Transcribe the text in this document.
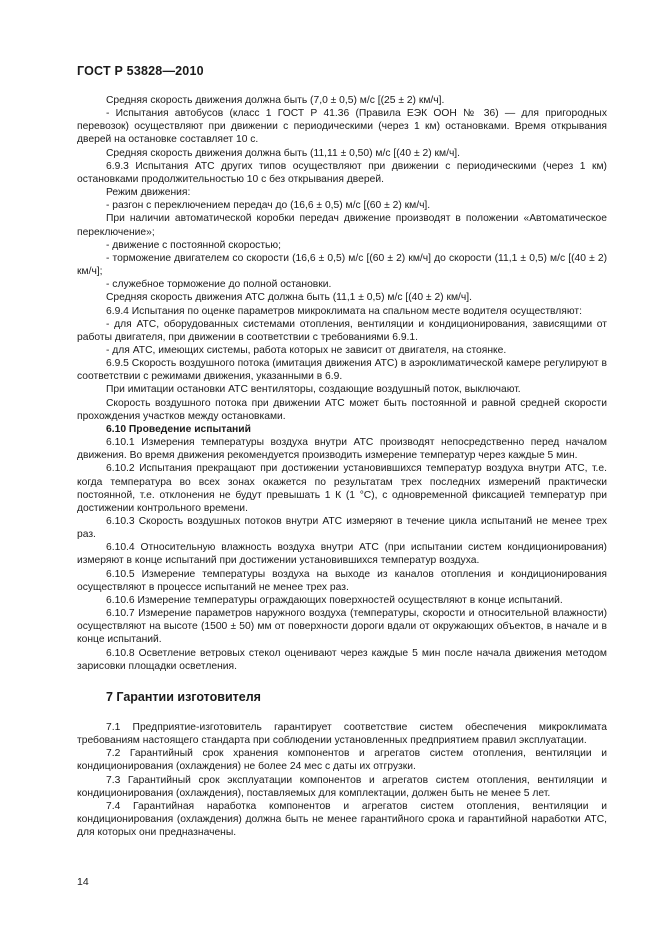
ГОСТ Р 53828—2010

Средняя скорость движения должна быть (7,0 ± 0,5) м/с [(25 ± 2) км/ч].

- Испытания автобусов (класс 1 ГОСТ Р 41.36 (Правила ЕЭК ООН № 36) — для пригородных перевозок) осуществляют при движении с периодическими (через 1 км) остановками. Время открывания дверей на остановке составляет 10 с.

Средняя скорость движения должна быть (11,11 ± 0,50) м/с [(40 ± 2) км/ч].

6.9.3 Испытания АТС других типов осуществляют при движении с периодическими (через 1 км) остановками продолжительностью 10 с без открывания дверей.

Режим движения:

- разгон с переключением передач до (16,6 ± 0,5) м/с [(60 ± 2) км/ч].

При наличии автоматической коробки передач движение производят в положении «Автоматическое переключение»;

- движение с постоянной скоростью;

- торможение двигателем со скорости (16,6 ± 0,5) м/с [(60 ± 2) км/ч] до скорости (11,1 ± 0,5) м/с [(40 ± 2) км/ч];

- служебное торможение до полной остановки.

Средняя скорость движения АТС должна быть (11,1 ± 0,5) м/с [(40 ± 2) км/ч].

6.9.4 Испытания по оценке параметров микроклимата на спальном месте водителя осуществляют:

- для АТС, оборудованных системами отопления, вентиляции и кондиционирования, зависящими от работы двигателя, при движении в соответствии с требованиями 6.9.1.

- для АТС, имеющих системы, работа которых не зависит от двигателя, на стоянке.

6.9.5 Скорость воздушного потока (имитация движения АТС) в аэроклиматической камере регулируют в соответствии с режимами движения, указанными в 6.9.

При имитации остановки АТС вентиляторы, создающие воздушный поток, выключают.

Скорость воздушного потока при движении АТС может быть постоянной и равной средней скорости прохождения участков между остановками.

6.10 Проведение испытаний

6.10.1 Измерения температуры воздуха внутри АТС производят непосредственно перед началом движения. Во время движения рекомендуется производить измерение температур через каждые 5 мин.

6.10.2 Испытания прекращают при достижении установившихся температур воздуха внутри АТС, т.е. когда температура во всех зонах окажется по результатам трех последних измерений практически постоянной, т.е. отклонения не будут превышать 1 К (1 °C), с одновременной фиксацией температур при достижении контрольного времени.

6.10.3 Скорость воздушных потоков внутри АТС измеряют в течение цикла испытаний не менее трех раз.

6.10.4 Относительную влажность воздуха внутри АТС (при испытании систем кондиционирования) измеряют в конце испытаний при достижении установившихся температур воздуха.

6.10.5 Измерение температуры воздуха на выходе из каналов отопления и кондиционирования осуществляют в процессе испытаний не менее трех раз.

6.10.6 Измерение температуры ограждающих поверхностей осуществляют в конце испытаний.

6.10.7 Измерение параметров наружного воздуха (температуры, скорости и относительной влажности) осуществляют на высоте (1500 ± 50) мм от поверхности дороги вдали от окружающих объектов, в начале и в конце испытаний.

6.10.8 Осветление ветровых стекол оценивают через каждые 5 мин после начала движения методом зарисовки площадки осветления.

7 Гарантии изготовителя

7.1 Предприятие-изготовитель гарантирует соответствие систем обеспечения микроклимата требованиям настоящего стандарта при соблюдении установленных предприятием правил эксплуатации.

7.2 Гарантийный срок хранения компонентов и агрегатов систем отопления, вентиляции и кондиционирования (охлаждения) не более 24 мес с даты их отгрузки.

7.3 Гарантийный срок эксплуатации компонентов и агрегатов систем отопления, вентиляции и кондиционирования (охлаждения), поставляемых для комплектации, должен быть не менее 5 лет.

7.4 Гарантийная наработка компонентов и агрегатов систем отопления, вентиляции и кондиционирования (охлаждения) должна быть не менее гарантийного срока и гарантийной наработки АТС, для которых они предназначены.

14
